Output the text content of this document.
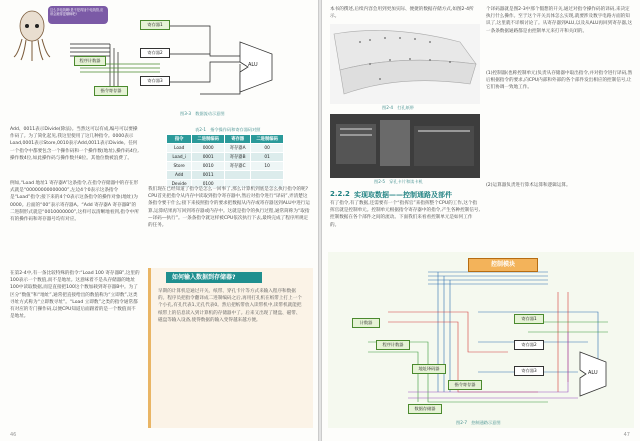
这么多电线啊!是不是再加个电线管,应该会跑得更顺畅吧!
程序计数器
寄存器1
寄存器2
寄存器3
指令寄存器
ALU
图3-3　数据流动示意图
Add、0011表示Divide(除法)。当然这可以有成,编号可以要操作码了。为了简化起见,我这里使用了这几种指令。0000表示Load,0001表示Store,0010表示Add,0011表示Divide。任何一个指令中都要包含一个操作码和一个操作数(地址),操作码4位,操作数4位,如此操作码与操作数共8位。其他位数被浪费了。
例如,“Load 地址1 寄存器A”这条指令,在指令存储器中的存在形式就是“00000000000000”,左边4个0表示这条指令是“Load”指令;接下来的4个0表示这条指令的操作对象(地址)为0000。后面的“00”表示寄存器A。“Add 寄存器A 寄存器B”的二进制形式就是“0010000000”,这样可以清晰地看到,指令中所有的操作码和寄存器号均有对应。
在第2-4中,有一条比较特殊的指令:“Load 100 寄存器B”,这里的100表示一个数值,而不是地址。这意味着不是从存储器的地址100中读取数据,而是直接把100这个数加载到寄存器B中。为了区分“数值”和“地址”,通常把直接给出的数值称为“立即数”,这类寻址方式称为“立即数寻址”。“Load 立即数”之类的指令通常都有对应的专门操作码,以便CPU知道后面跟着的是一个数值而不是地址。
表2-1　指令操作码和寄存器码对照
指令	二进制编码	寄存器	二进制编码
Load	0000	寄存器A	00
Load_i	0001	寄存器B	01
Store	0010	寄存器C	10
Add	0011		
Devide	0100		
我们现在已经知道了指令是怎么一回事了,那么计算机到底是怎么执行指令的呢?CPU首先把指令从内存中读取到指令寄存器中,然后对指令进行“译码”,弄清楚这条指令要干什么;接下来按照指令的要求把数据从内存或寄存器送到ALU中进行运算,运算结果再写回到寄存器或内存中。这就是指令的执行过程,通常简称为“取指—译码—执行”。一条条指令就这样被CPU依次执行下去,最终完成了程序所规定的任务。
如何输入数据到存储器?
早期的计算机是通过开关、纸带、穿孔卡片等方式来输入程序和数据的。程序员把指令翻译成二进制编码之后,再用打孔机在纸带上打上一个个小孔,有孔代表1,无孔代表0。然后把纸带放入读带机中,读带机就能把纸带上的信息读入到计算机的存储器中了。后来又出现了键盘、磁带、磁盘等输入设备,使得数据的输入变得越来越方便。
46
本书的撰述,后续内容会用到更加实际、便捷的数据存储方式,如图2-4所示。
图2-4　打孔纸带
图2-5　穿孔卡片和读卡机
个译码器就是图2-3中那个假想的开关,通过对指令操作码的译码,来决定执行什么操作。至于这个开关具体怎么实现,就要涉及数字电路方面的知识了,这里就不详细讨论了。从寄存器到ALU,以及从ALU再回到寄存器,这一条条数据通路都是由控制单元来打开和关闭的。
(1)控制器(也称控制单元)负责从存储器中取出指令,并对指令进行译码,然后根据指令的要求,向CPU内部和外部的各个部件发出相应的控制信号,让它们协调一致地工作。
(2)运算器负责进行算术运算和逻辑运算。
2.2.2 实现取数据——控制通路及部件
有了指令,有了数据,还需要有一个“指挥官”来指挥整个CPU的工作,这个指挥官就是控制单元。控制单元根据指令寄存器中的指令,产生各种控制信号,控制数据在各个部件之间的流动。下面我们来看看控制单元是如何工作的。
控制模块
计数器
程序计数器
地址译码器
寄存器1
寄存器2
寄存器3
指令寄存器
数据存储器
ALU
图2-7　控制通路示意图
47
